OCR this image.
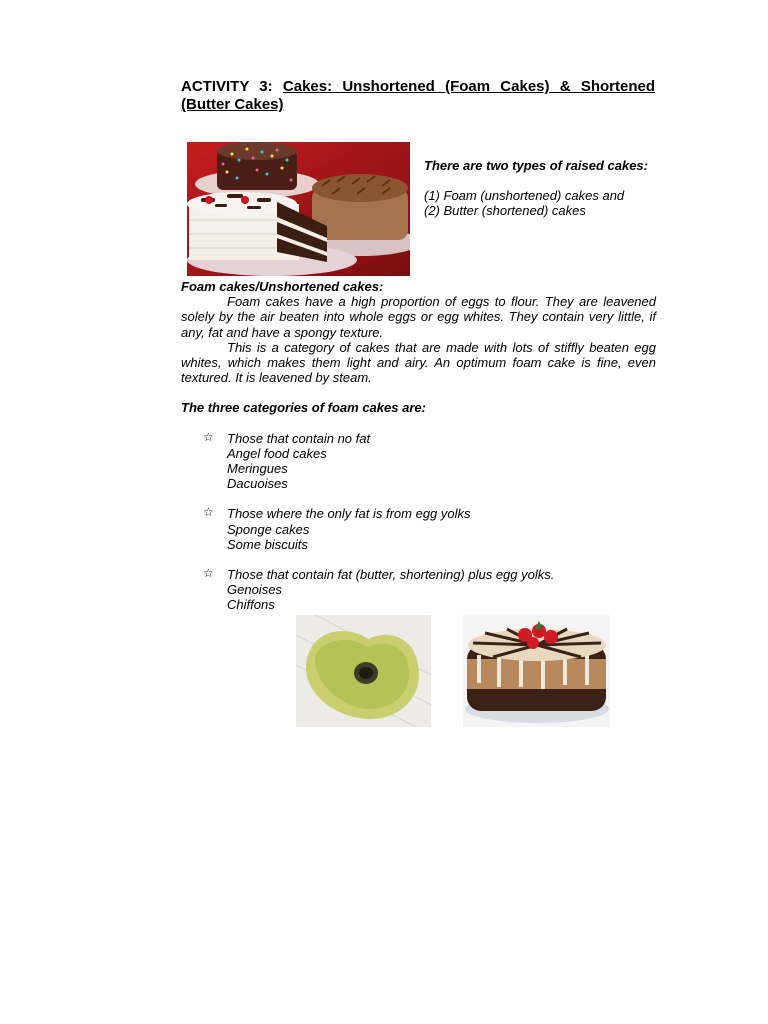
ACTIVITY 3: Cakes: Unshortened (Foam Cakes) & Shortened (Butter Cakes)
There are two types of raised cakes:
(1) Foam (unshortened) cakes and
(2) Butter (shortened) cakes
Foam cakes/Unshortened cakes:
Foam cakes have a high proportion of eggs to flour. They are leavened solely by the air beaten into whole eggs or egg whites. They contain very little, if any, fat and have a spongy texture.
This is a category of cakes that are made with lots of stiffly beaten egg whites, which makes them light and airy. An optimum foam cake is fine, even textured. It is leavened by steam.
The three categories of foam cakes are:
☆ Those that contain no fat
Angel food cakes
Meringues
Dacuoises
☆ Those where the only fat is from egg yolks
Sponge cakes
Some biscuits
☆ Those that contain fat (butter, shortening) plus egg yolks.
Genoises
Chiffons
